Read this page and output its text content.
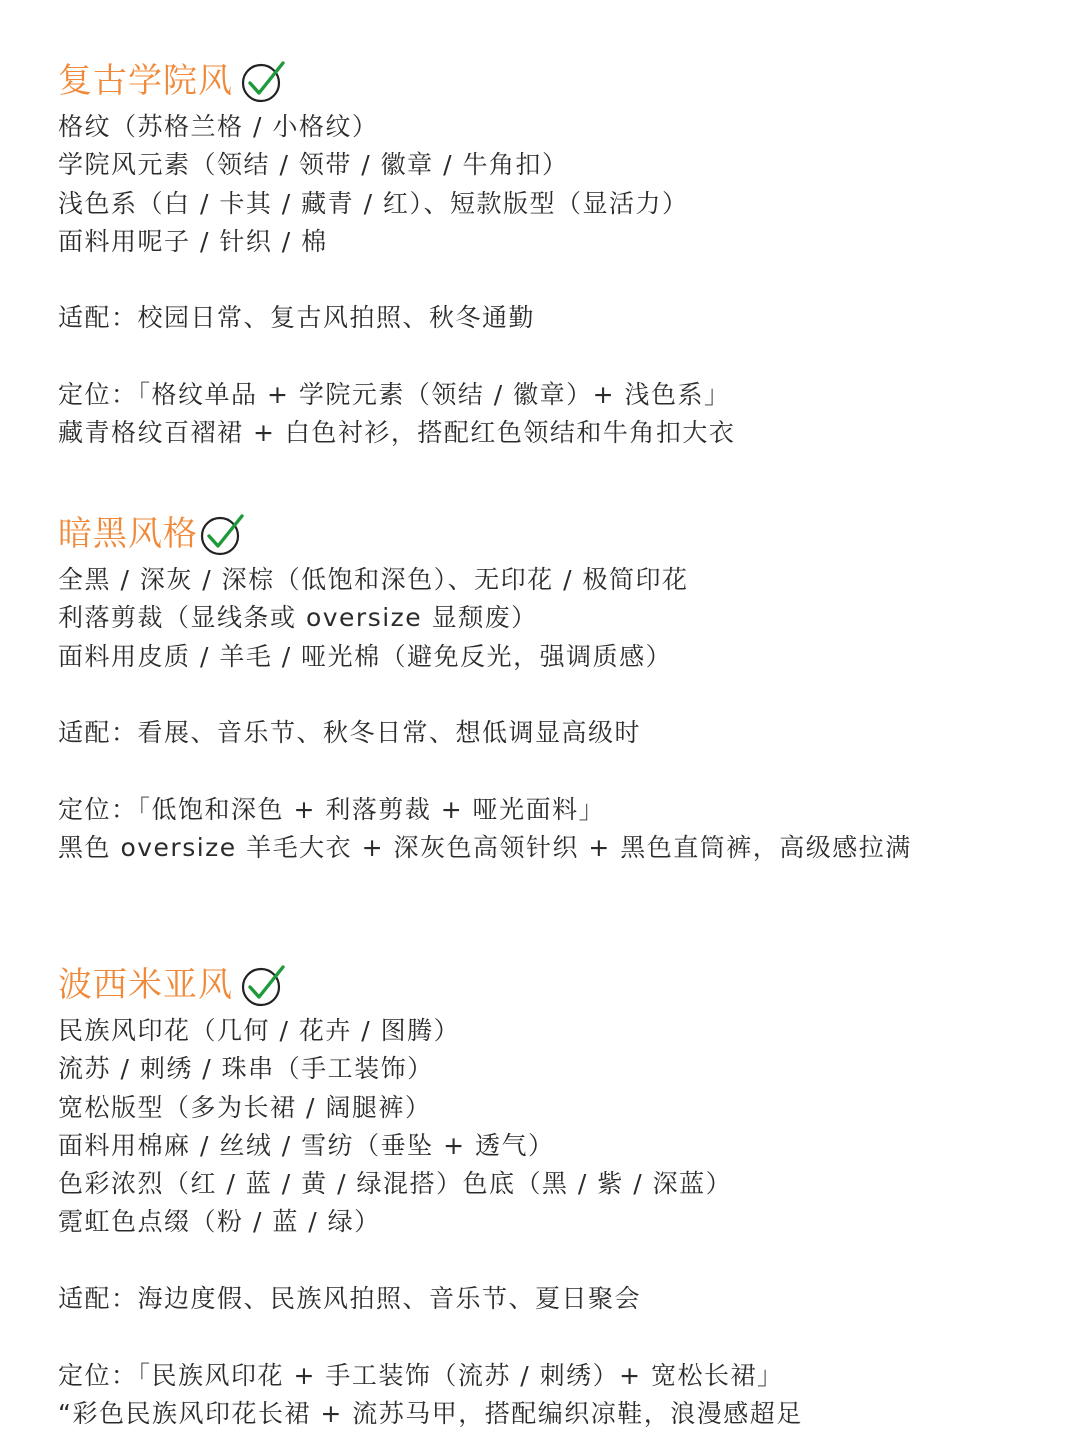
复古学院风
格纹（苏格兰格 / 小格纹）
学院风元素（领结 / 领带 / 徽章 / 牛角扣）
浅色系（白 / 卡其 / 藏青 / 红）、短款版型（显活力）
面料用呢子 / 针织 / 棉
适配：校园日常、复古风拍照、秋冬通勤
定位：「格纹单品 + 学院元素（领结 / 徽章）+ 浅色系」
藏青格纹百褶裙 + 白色衬衫，搭配红色领结和牛角扣大衣
暗黑风格
全黑 / 深灰 / 深棕（低饱和深色）、无印花 / 极简印花
利落剪裁（显线条或 oversize 显颓废）
面料用皮质 / 羊毛 / 哑光棉（避免反光，强调质感）
适配：看展、音乐节、秋冬日常、想低调显高级时
定位：「低饱和深色 + 利落剪裁 + 哑光面料」
黑色 oversize 羊毛大衣 + 深灰色高领针织 + 黑色直筒裤，高级感拉满
波西米亚风
民族风印花（几何 / 花卉 / 图腾）
流苏 / 刺绣 / 珠串（手工装饰）
宽松版型（多为长裙 / 阔腿裤）
面料用棉麻 / 丝绒 / 雪纺（垂坠 + 透气）
色彩浓烈（红 / 蓝 / 黄 / 绿混搭）色底（黑 / 紫 / 深蓝）
霓虹色点缀（粉 / 蓝 / 绿）
适配：海边度假、民族风拍照、音乐节、夏日聚会
定位：「民族风印花 + 手工装饰（流苏 / 刺绣）+ 宽松长裙」
“彩色民族风印花长裙 + 流苏马甲，搭配编织凉鞋，浪漫感超足
